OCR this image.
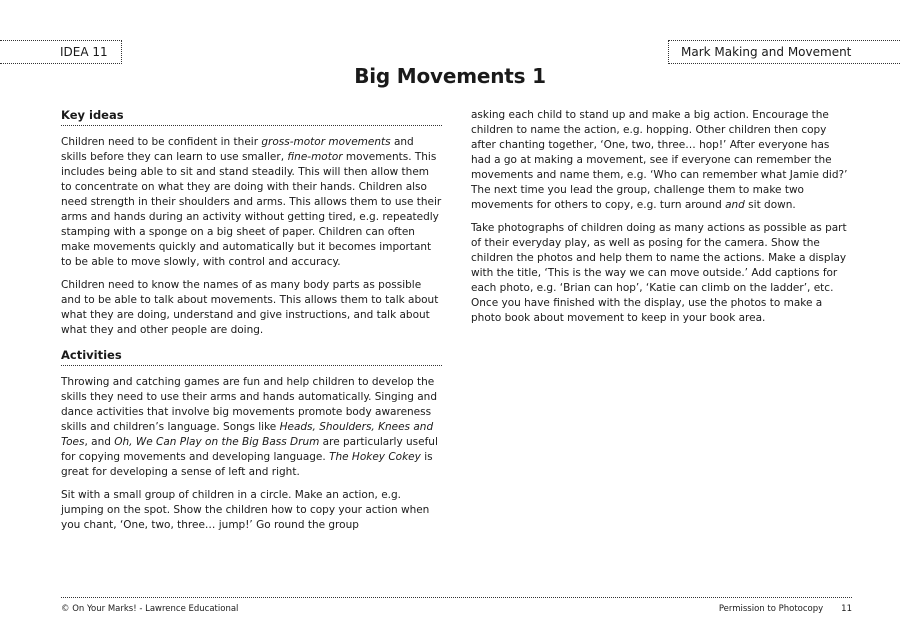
IDEA 11	Mark Making and Movement
Big Movements 1
Key ideas

Children need to be confident in their gross-motor movements and skills before they can learn to use smaller, fine-motor movements. This includes being able to sit and stand steadily. This will then allow them to concentrate on what they are doing with their hands. Children also need strength in their shoulders and arms. This allows them to use their arms and hands during an activity without getting tired, e.g. repeatedly stamping with a sponge on a big sheet of paper. Children can often make movements quickly and automatically but it becomes important to be able to move slowly, with control and accuracy.

Children need to know the names of as many body parts as possible and to be able to talk about movements. This allows them to talk about what they are doing, understand and give instructions, and talk about what they and other people are doing.

Activities

Throwing and catching games are fun and help children to develop the skills they need to use their arms and hands automatically. Singing and dance activities that involve big movements promote body awareness skills and children’s language. Songs like Heads, Shoulders, Knees and Toes, and Oh, We Can Play on the Big Bass Drum are particularly useful for copying movements and developing language. The Hokey Cokey is great for developing a sense of left and right.

Sit with a small group of children in a circle. Make an action, e.g. jumping on the spot. Show the children how to copy your action when you chant, ‘One, two, three… jump!’ Go round the group

asking each child to stand up and make a big action. Encourage the children to name the action, e.g. hopping. Other children then copy after chanting together, ‘One, two, three… hop!’ After everyone has had a go at making a movement, see if everyone can remember the movements and name them, e.g. ‘Who can remember what Jamie did?’ The next time you lead the group, challenge them to make two movements for others to copy, e.g. turn around and sit down.

Take photographs of children doing as many actions as possible as part of their everyday play, as well as posing for the camera. Show the children the photos and help them to name the actions. Make a display with the title, ‘This is the way we can move outside.’ Add captions for each photo, e.g. ‘Brian can hop’, ‘Katie can climb on the ladder’, etc. Once you have finished with the display, use the photos to make a photo book about movement to keep in your book area.

© On Your Marks! - Lawrence Educational	Permission to Photocopy 11
